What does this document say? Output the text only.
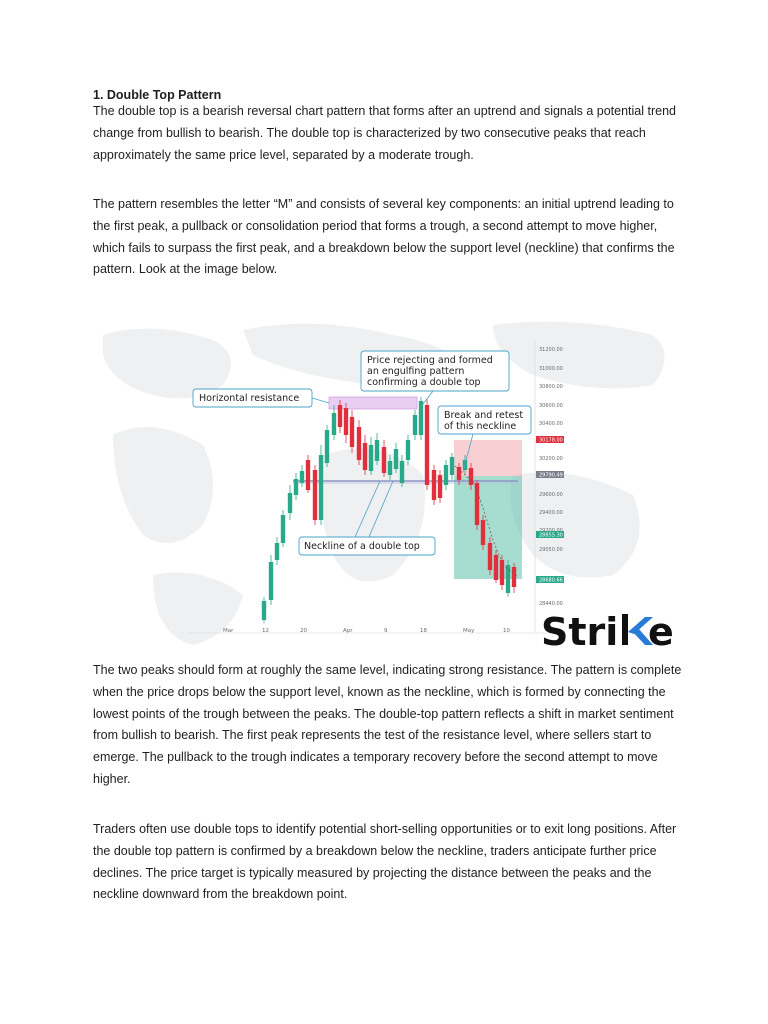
1. Double Top Pattern

The double top is a bearish reversal chart pattern that forms after an uptrend and signals a potential trend change from bullish to bearish. The double top is characterized by two consecutive peaks that reach approximately the same price level, separated by a moderate trough.

The pattern resembles the letter “M” and consists of several key components: an initial uptrend leading to the first peak, a pullback or consolidation period that forms a trough, a second attempt to move higher, which fails to surpass the first peak, and a breakdown below the support level (neckline) that confirms the pattern. Look at the image below.

Price rejecting and formed
an engulfing pattern
confirming a double top
Horizontal resistance
Break and retest
of this neckline
Neckline of a double top
31200.00
31000.00
30800.00
30600.00
30400.00
30200.00
29600.00
29400.00
29050.00
28440.00
30178.00
29790.49
28855.30
28680.66
Mar	12	20	Apr	9	18	May	10 Stri e

The two peaks should form at roughly the same level, indicating strong resistance. The pattern is complete when the price drops below the support level, known as the neckline, which is formed by connecting the lowest points of the trough between the peaks. The double-top pattern reflects a shift in market sentiment from bullish to bearish. The first peak represents the test of the resistance level, where sellers start to emerge. The pullback to the trough indicates a temporary recovery before the second attempt to move higher.

Traders often use double tops to identify potential short-selling opportunities or to exit long positions. After the double top pattern is confirmed by a breakdown below the neckline, traders anticipate further price declines. The price target is typically measured by projecting the distance between the peaks and the neckline downward from the breakdown point.
